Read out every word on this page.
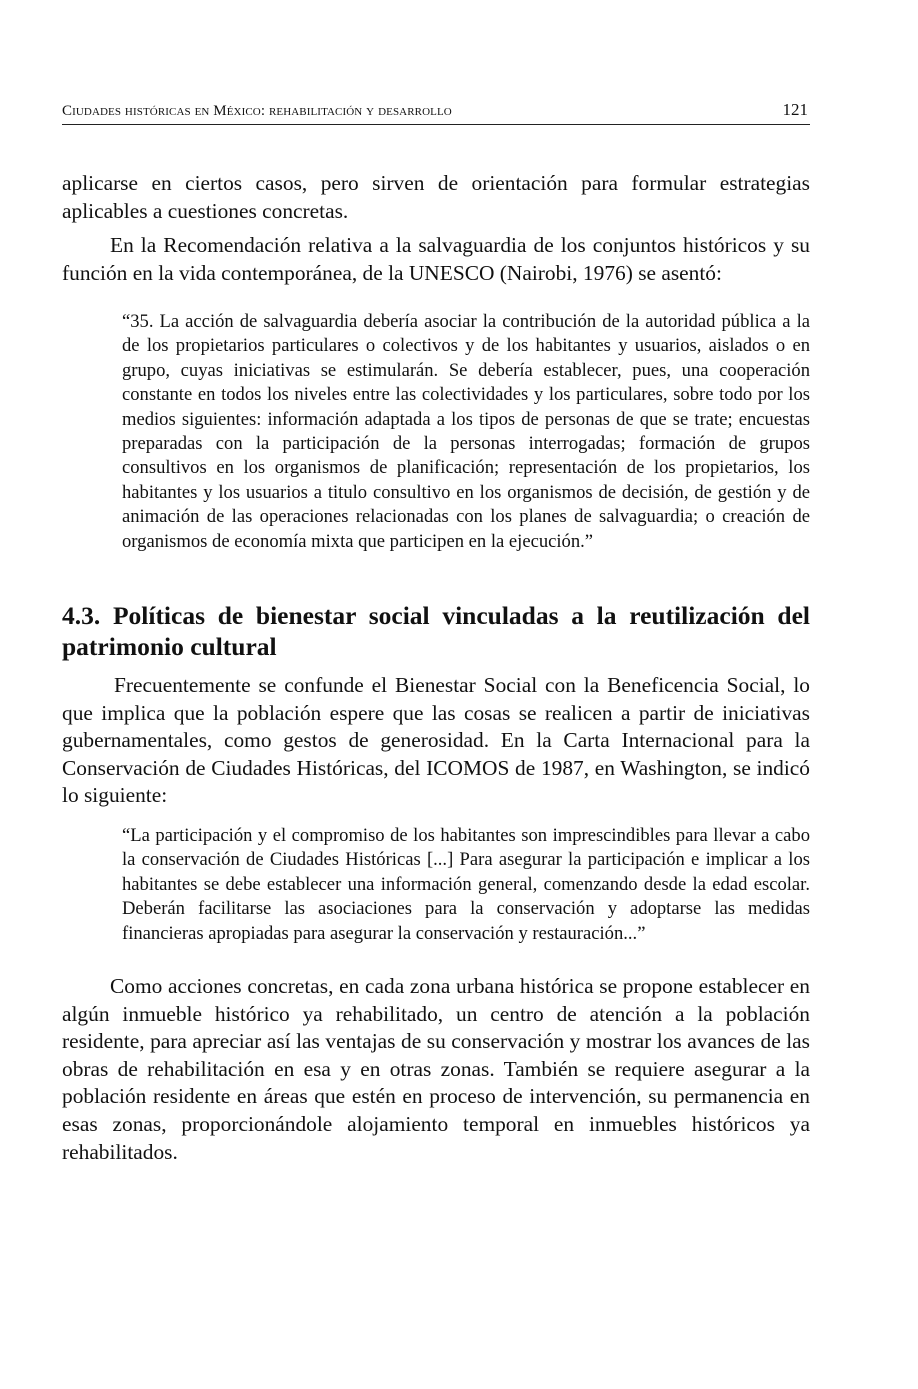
Ciudades históricas en México: rehabilitación y desarrollo	121

aplicarse en ciertos casos, pero sirven de orientación para formular estrategias aplicables a cuestiones concretas.

En la Recomendación relativa a la salvaguardia de los conjuntos históricos y su función en la vida contemporánea, de la UNESCO (Nairobi, 1976) se asentó:

“35. La acción de salvaguardia debería asociar la contribución de la autoridad pública a la de los propietarios particulares o colectivos y de los habitantes y usuarios, aislados o en grupo, cuyas iniciativas se estimularán. Se debería establecer, pues, una cooperación constante en todos los niveles entre las colectividades y los particulares, sobre todo por los medios siguientes: información adaptada a los tipos de personas de que se trate; encuestas preparadas con la participación de la personas interrogadas; formación de grupos consultivos en los organismos de planificación; representación de los propietarios, los habitantes y los usuarios a titulo consultivo en los organismos de decisión, de gestión y de animación de las operaciones relacionadas con los planes de salvaguardia; o creación de organismos de economía mixta que participen en la ejecución.”

4.3. Políticas de bienestar social vinculadas a la reutilización del patrimonio cultural

Frecuentemente se confunde el Bienestar Social con la Beneficencia Social, lo que implica que la población espere que las cosas se realicen a partir de iniciativas gubernamentales, como gestos de generosidad. En la Carta Internacional para la Conservación de Ciudades Históricas, del ICOMOS de 1987, en Washington, se indicó lo siguiente:

“La participación y el compromiso de los habitantes son imprescindibles para llevar a cabo la conservación de Ciudades Históricas [...] Para asegurar la participación e implicar a los habitantes se debe establecer una información general, comenzando desde la edad escolar. Deberán facilitarse las asociaciones para la conservación y adoptarse las medidas financieras apropiadas para asegurar la conservación y restauración...”

Como acciones concretas, en cada zona urbana histórica se propone establecer en algún inmueble histórico ya rehabilitado, un centro de atención a la población residente, para apreciar así las ventajas de su conservación y mostrar los avances de las obras de rehabilitación en esa y en otras zonas. También se requiere asegurar a la población residente en áreas que estén en proceso de intervención, su permanencia en esas zonas, proporcionándole alojamiento temporal en inmuebles históricos ya rehabilitados.
